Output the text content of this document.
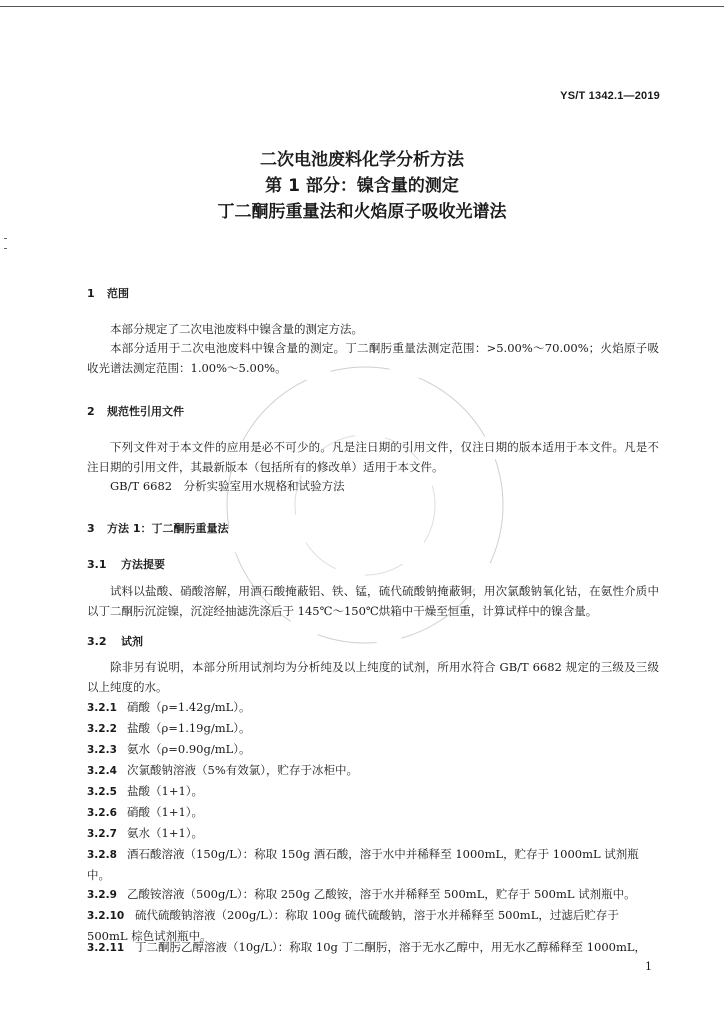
YS/T 1342.1—2019
二次电池废料化学分析方法
第 1 部分：镍含量的测定
丁二酮肟重量法和火焰原子吸收光谱法
1 范围
本部分规定了二次电池废料中镍含量的测定方法。
本部分适用于二次电池废料中镍含量的测定。丁二酮肟重量法测定范围：>5.00%～70.00%；火焰原子吸收光谱法测定范围：1.00%～5.00%。
2 规范性引用文件
下列文件对于本文件的应用是必不可少的。凡是注日期的引用文件，仅注日期的版本适用于本文件。凡是不注日期的引用文件，其最新版本（包括所有的修改单）适用于本文件。
GB/T 6682　分析实验室用水规格和试验方法
3 方法 1：丁二酮肟重量法
3.1 方法提要
试料以盐酸、硝酸溶解，用酒石酸掩蔽铝、铁、锰，硫代硫酸钠掩蔽铜，用次氯酸钠氧化钴，在氨性介质中以丁二酮肟沉淀镍，沉淀经抽滤洗涤后于 145℃～150℃烘箱中干燥至恒重，计算试样中的镍含量。
3.2 试剂
除非另有说明，本部分所用试剂均为分析纯及以上纯度的试剂，所用水符合 GB/T 6682 规定的三级及三级以上纯度的水。
3.2.1 硝酸（ρ=1.42g/mL）。
3.2.2 盐酸（ρ=1.19g/mL）。
3.2.3 氨水（ρ=0.90g/mL）。
3.2.4 次氯酸钠溶液（5%有效氯），贮存于冰柜中。
3.2.5 盐酸（1+1）。
3.2.6 硝酸（1+1）。
3.2.7 氨水（1+1）。
3.2.8 酒石酸溶液（150g/L）：称取 150g 酒石酸，溶于水中并稀释至 1000mL，贮存于 1000mL 试剂瓶中。
3.2.9 乙酸铵溶液（500g/L）：称取 250g 乙酸铵，溶于水并稀释至 500mL，贮存于 500mL 试剂瓶中。
3.2.10 硫代硫酸钠溶液（200g/L）：称取 100g 硫代硫酸钠，溶于水并稀释至 500mL，过滤后贮存于 500mL 棕色试剂瓶中。
3.2.11 丁二酮肟乙醇溶液（10g/L）：称取 10g 丁二酮肟，溶于无水乙醇中，用无水乙醇稀释至 1000mL，
1
